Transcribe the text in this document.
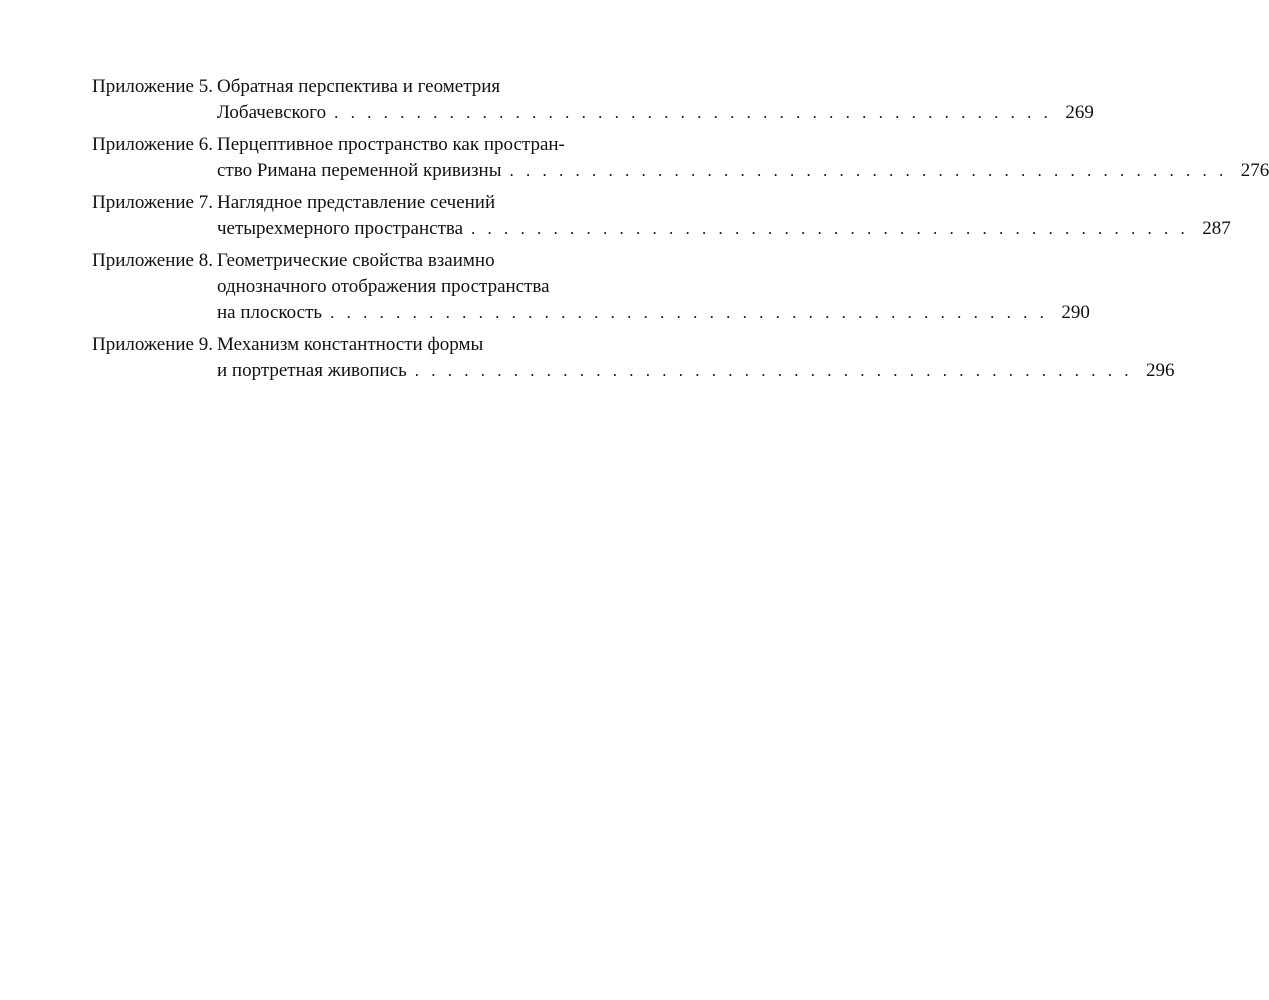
Приложение 5. Обратная перспектива и геометрия
Лобачевского . . . . . . . . . . . . . . . . . . . . . . . . . . . . . . . . . . . . . . . . . . . . 269
Приложение 6. Перцептивное пространство как простран-
ство Римана переменной кривизны . . . . . . . . . . . . . . . . . . . . . . . . . . . . . . . . . . . . . . . . . . . . 276
Приложение 7. Наглядное представление сечений
четырехмерного пространства . . . . . . . . . . . . . . . . . . . . . . . . . . . . . . . . . . . . . . . . . . . . 287
Приложение 8. Геометрические свойства взаимно
однозначного отображения пространства
на плоскость . . . . . . . . . . . . . . . . . . . . . . . . . . . . . . . . . . . . . . . . . . . . 290
Приложение 9. Механизм константности формы
и портретная живопись . . . . . . . . . . . . . . . . . . . . . . . . . . . . . . . . . . . . . . . . . . . . 296
